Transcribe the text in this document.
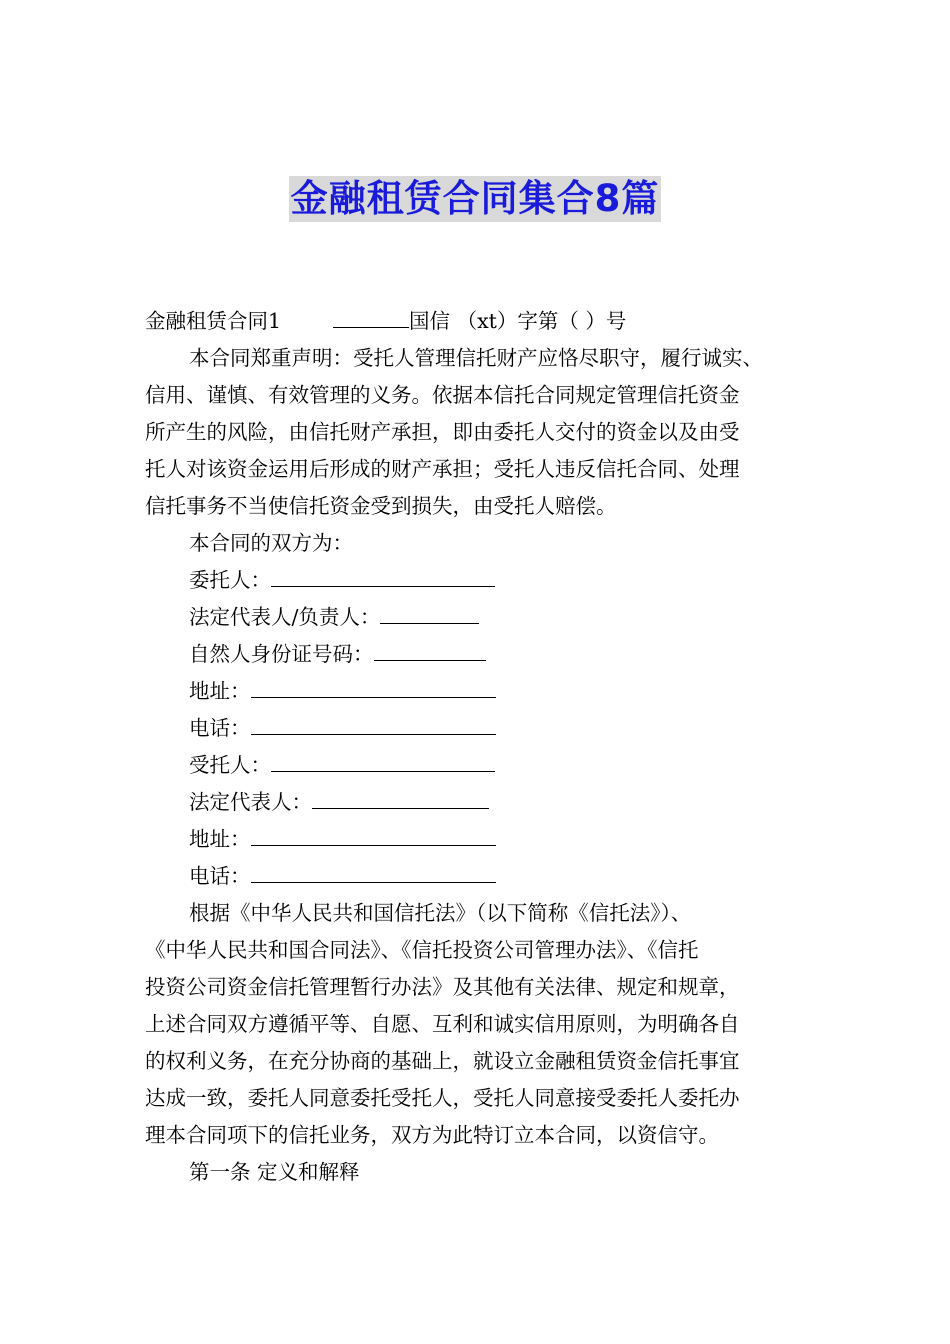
金融租赁合同集合8篇
金融租赁合同1	国信 （xt）字第（ ）号
本合同郑重声明：受托人管理信托财产应恪尽职守，履行诚实、
信用、谨慎、有效管理的义务。依据本信托合同规定管理信托资金
所产生的风险，由信托财产承担，即由委托人交付的资金以及由受
托人对该资金运用后形成的财产承担；受托人违反信托合同、处理
信托事务不当使信托资金受到损失，由受托人赔偿。
本合同的双方为：
委托人：
法定代表人/负责人：
自然人身份证号码：
地址：
电话：
受托人：
法定代表人：
地址：
电话：
根据《中华人民共和国信托法》（以下简称《信托法》）、
《中华人民共和国合同法》、《信托投资公司管理办法》、《信托
投资公司资金信托管理暂行办法》及其他有关法律、规定和规章，
上述合同双方遵循平等、自愿、互利和诚实信用原则，为明确各自
的权利义务，在充分协商的基础上，就设立金融租赁资金信托事宜
达成一致，委托人同意委托受托人，受托人同意接受委托人委托办
理本合同项下的信托业务，双方为此特订立本合同，以资信守。
第一条 定义和解释
